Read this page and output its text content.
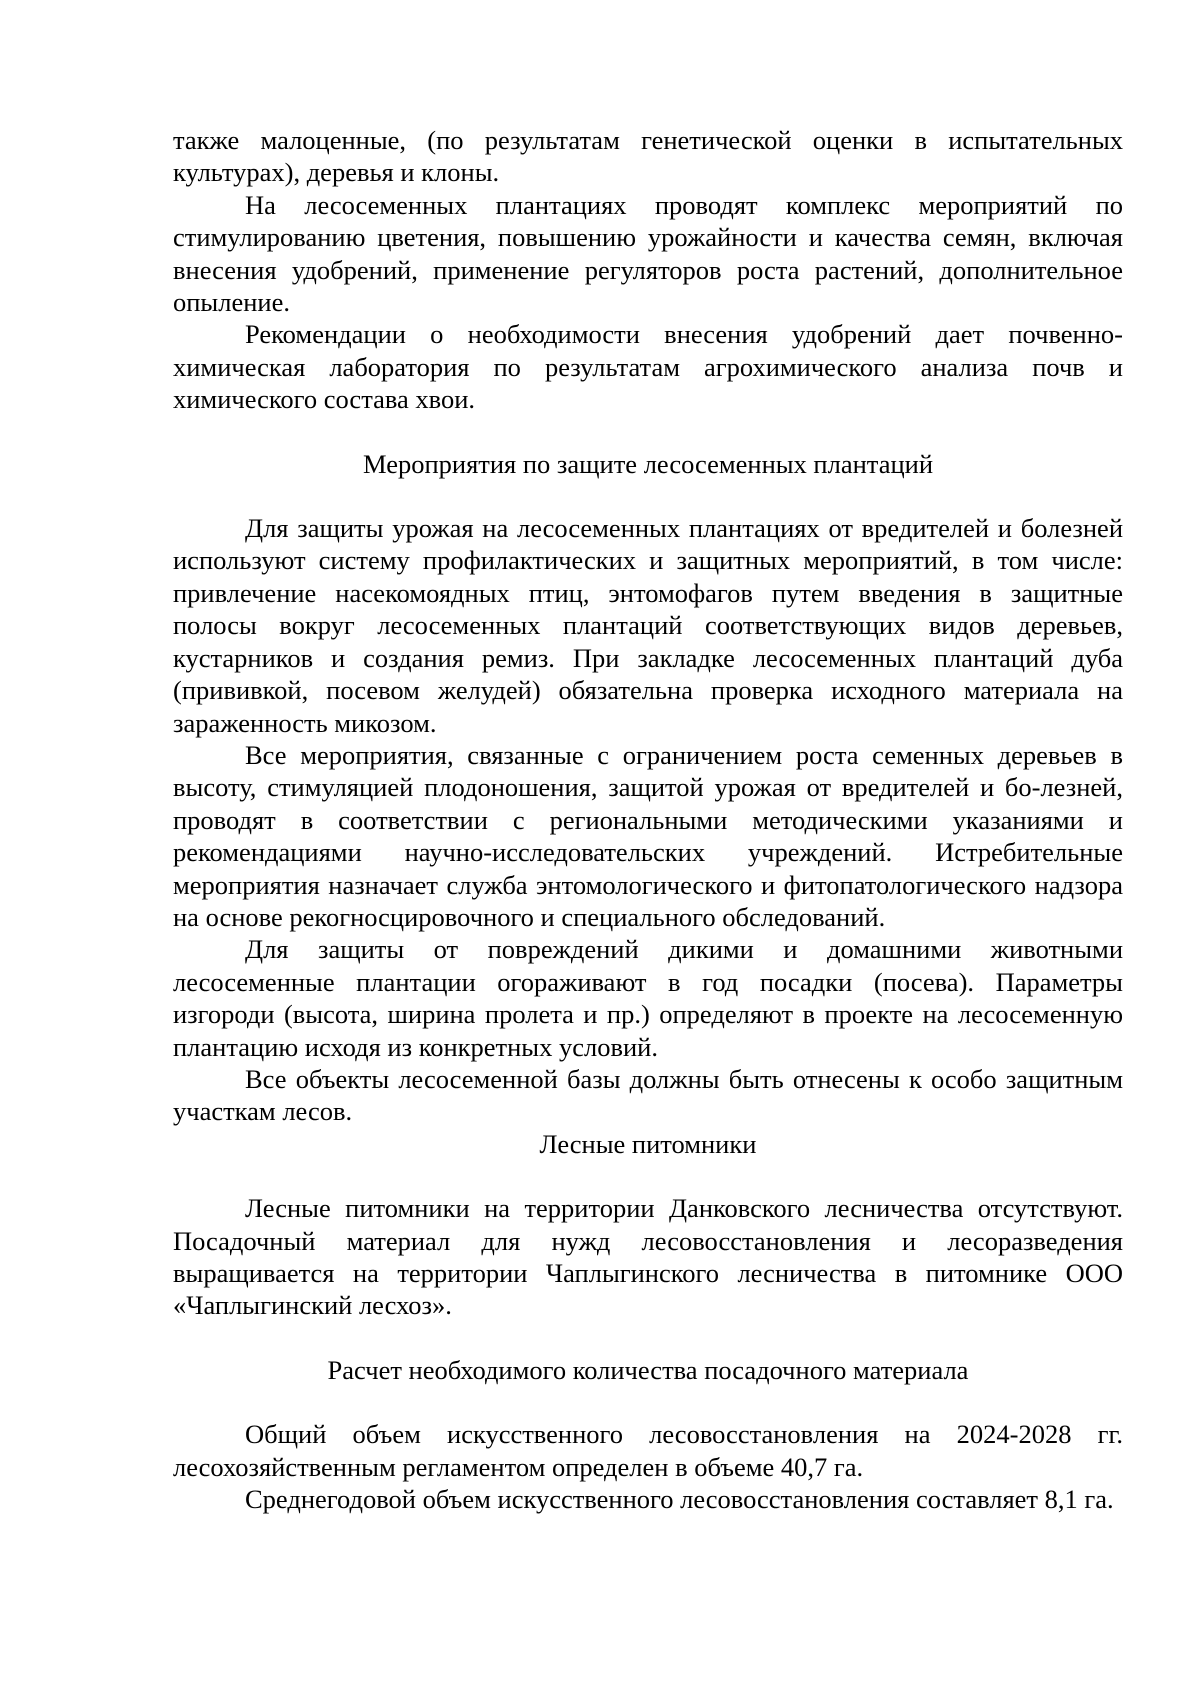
также малоценные, (по результатам генетической оценки в испытательных культурах), деревья и клоны.

На лесосеменных плантациях проводят комплекс мероприятий по стимулированию цветения, повышению урожайности и качества семян, включая внесения удобрений, применение регуляторов роста растений, дополнительное опыление.

Рекомендации о необходимости внесения удобрений дает почвенно-химическая лаборатория по результатам агрохимического анализа почв и химического состава хвои.

Мероприятия по защите лесосеменных плантаций

Для защиты урожая на лесосеменных плантациях от вредителей и болезней используют систему профилактических и защитных мероприятий, в том числе: привлечение насекомоядных птиц, энтомофагов путем введения в защитные полосы вокруг лесосеменных плантаций соответствующих видов деревьев, кустарников и создания ремиз. При закладке лесосеменных плантаций дуба (прививкой, посевом желудей) обязательна проверка исходного материала на зараженность микозом.

Все мероприятия, связанные с ограничением роста семенных деревьев в высоту, стимуляцией плодоношения, защитой урожая от вредителей и бо-лезней, проводят в соответствии с региональными методическими указаниями и рекомендациями научно-исследовательских учреждений. Истребительные мероприятия назначает служба энтомологического и фитопатологического надзора на основе рекогносцировочного и специального обследований.

Для защиты от повреждений дикими и домашними животными лесосеменные плантации огораживают в год посадки (посева). Параметры изгороди (высота, ширина пролета и пр.) определяют в проекте на лесосеменную плантацию исходя из конкретных условий.

Все объекты лесосеменной базы должны быть отнесены к особо защитным участкам лесов.

Лесные питомники

Лесные питомники на территории Данковского лесничества отсутствуют. Посадочный материал для нужд лесовосстановления и лесоразведения выращивается на территории Чаплыгинского лесничества в питомнике ООО «Чаплыгинский лесхоз».

Расчет необходимого количества посадочного материала

Общий объем искусственного лесовосстановления на 2024-2028 гг. лесохозяйственным регламентом определен в объеме 40,7 га.

Среднегодовой объем искусственного лесовосстановления составляет 8,1 га.
